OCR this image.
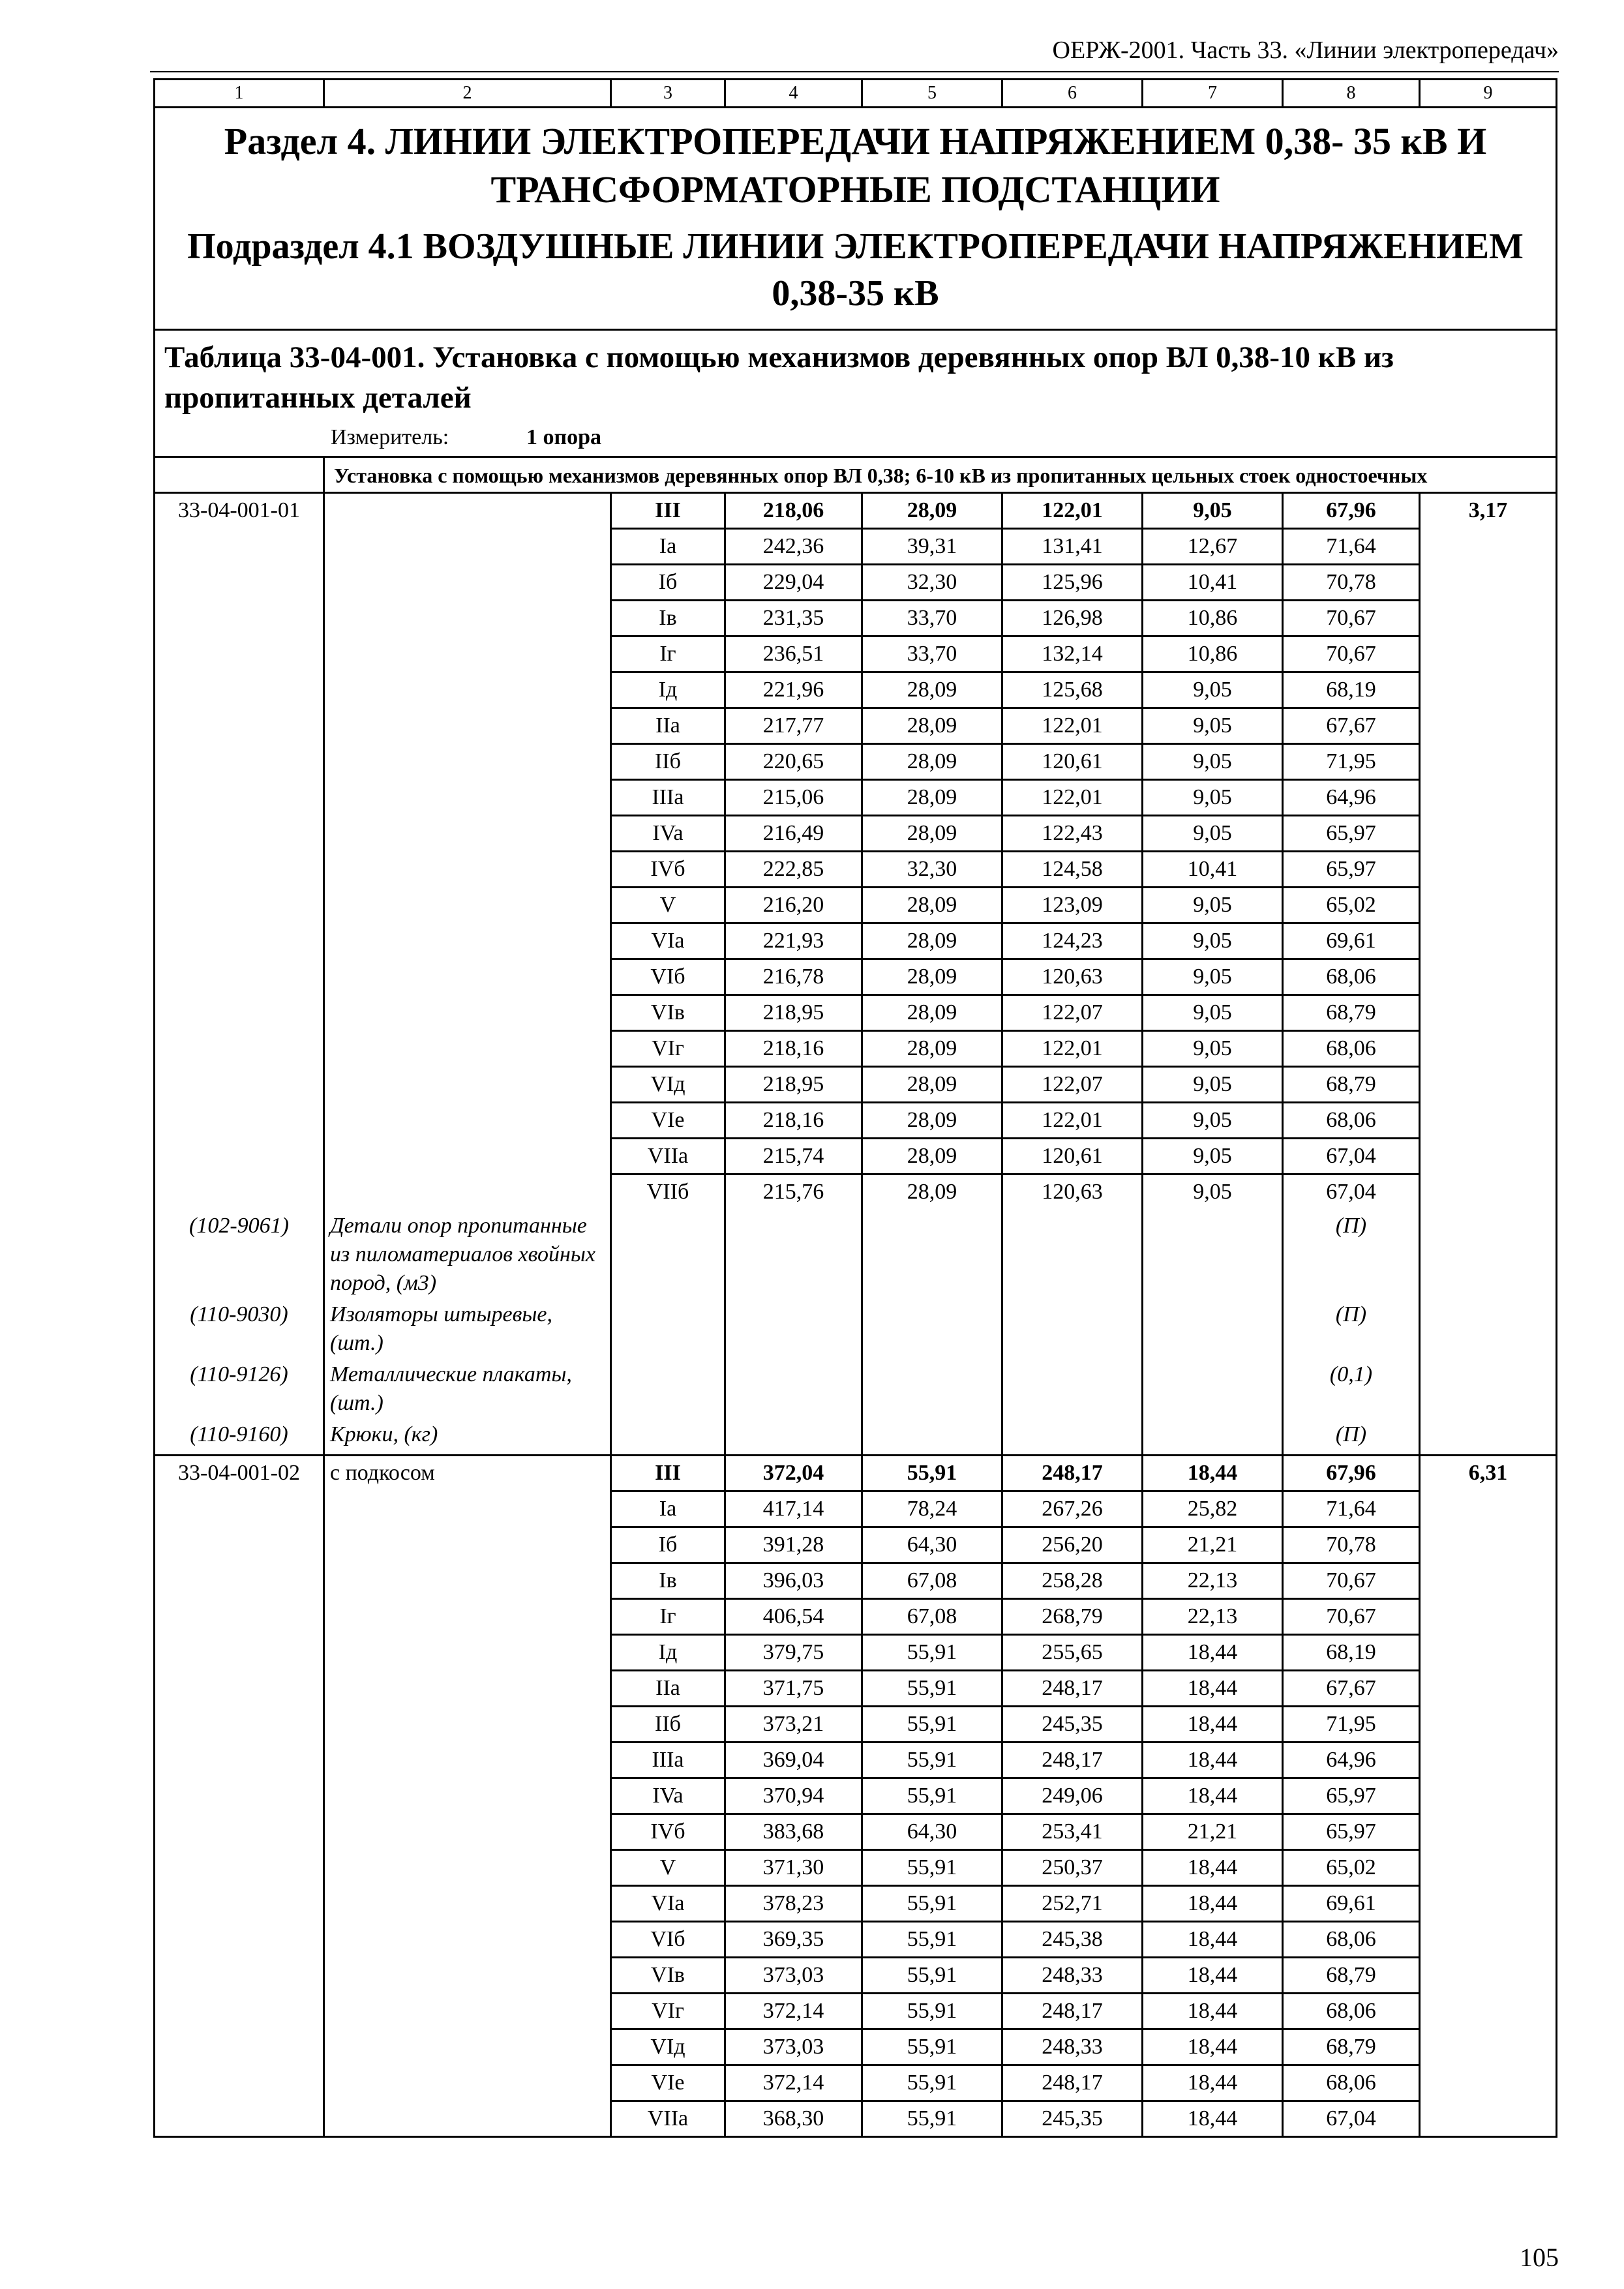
ОЕРЖ-2001. Часть 33. «Линии электропередач»
1	2	3	4	5	6	7	8	9

Раздел 4. ЛИНИИ ЭЛЕКТРОПЕРЕДАЧИ НАПРЯЖЕНИЕМ 0,38- 35 кВ И ТРАНСФОРМАТОРНЫЕ ПОДСТАНЦИИ
Подраздел 4.1 ВОЗДУШНЫЕ ЛИНИИ ЭЛЕКТРОПЕРЕДАЧИ НАПРЯЖЕНИЕМ 0,38-35 кВ								

Таблица 33-04-001. Установка с помощью механизмов деревянных опор ВЛ 0,38-10 кВ из пропитанных деталей
Измеритель: 1 опора								

	Установка с помощью механизмов деревянных опор ВЛ 0,38; 6-10 кВ из пропитанных цельных стоек одностоечных							
33-04-001-01		III	218,06	28,09	122,01	9,05	67,96	3,17
		Ia	242,36	39,31	131,41	12,67	71,64	
		Iб	229,04	32,30	125,96	10,41	70,78	
		Iв	231,35	33,70	126,98	10,86	70,67	
		Iг	236,51	33,70	132,14	10,86	70,67	
		Iд	221,96	28,09	125,68	9,05	68,19	
		IIa	217,77	28,09	122,01	9,05	67,67	
		IIб	220,65	28,09	120,61	9,05	71,95	
		IIIa	215,06	28,09	122,01	9,05	64,96	
		IVa	216,49	28,09	122,43	9,05	65,97	
		IVб	222,85	32,30	124,58	10,41	65,97	
		V	216,20	28,09	123,09	9,05	65,02	
		VIa	221,93	28,09	124,23	9,05	69,61	
		VIб	216,78	28,09	120,63	9,05	68,06	
		VIв	218,95	28,09	122,07	9,05	68,79	
		VIг	218,16	28,09	122,01	9,05	68,06	
		VIд	218,95	28,09	122,07	9,05	68,79	
		VIe	218,16	28,09	122,01	9,05	68,06	
		VIIa	215,74	28,09	120,61	9,05	67,04	
		VIIб	215,76	28,09	120,63	9,05	67,04	
(102-9061)	Детали опор пропитанные из пиломатериалов хвойных пород, (м3)						(П)	
(110-9030)	Изоляторы штыревые, (шт.)						(П)	
(110-9126)	Металлические плакаты, (шт.)						(0,1)	
(110-9160)	Крюки, (кг)						(П)	
33-04-001-02	с подкосом	III	372,04	55,91	248,17	18,44	67,96	6,31
		Ia	417,14	78,24	267,26	25,82	71,64	
		Iб	391,28	64,30	256,20	21,21	70,78	
		Iв	396,03	67,08	258,28	22,13	70,67	
		Iг	406,54	67,08	268,79	22,13	70,67	
		Iд	379,75	55,91	255,65	18,44	68,19	
		IIa	371,75	55,91	248,17	18,44	67,67	
		IIб	373,21	55,91	245,35	18,44	71,95	
		IIIa	369,04	55,91	248,17	18,44	64,96	
		IVa	370,94	55,91	249,06	18,44	65,97	
		IVб	383,68	64,30	253,41	21,21	65,97	
		V	371,30	55,91	250,37	18,44	65,02	
		VIa	378,23	55,91	252,71	18,44	69,61	
		VIб	369,35	55,91	245,38	18,44	68,06	
		VIв	373,03	55,91	248,33	18,44	68,79	
		VIг	372,14	55,91	248,17	18,44	68,06	
		VIд	373,03	55,91	248,33	18,44	68,79	
		VIe	372,14	55,91	248,17	18,44	68,06	
		VIIa	368,30	55,91	245,35	18,44	67,04	
105
